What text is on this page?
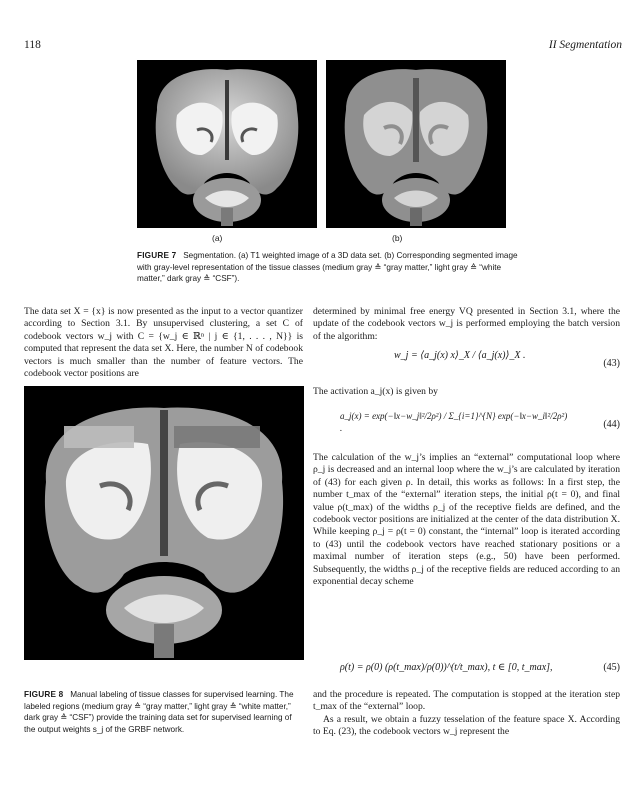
118	II Segmentation
(a)	(b)
FIGURE 7 Segmentation. (a) T1 weighted image of a 3D data set. (b) Corresponding segmented image with gray-level representation of the tissue classes (medium gray ≙ “gray matter,” light gray ≙ “white matter,” dark gray ≙ “CSF”).

The data set X = {x} is now presented as the input to a vector quantizer according to Section 3.1. By unsupervised clustering, a set C of codebook vectors w_j with C = {w_j ∈ ℝⁿ | j ∈ {1, . . . , N}} is computed that represent the data set X. Here, the number N of codebook vectors is much smaller than the number of feature vectors. The codebook vector positions are

FIGURE 8 Manual labeling of tissue classes for supervised learning. The labeled regions (medium gray ≙ “gray matter,” light gray ≙ “white matter,” dark gray ≙ “CSF”) provide the training data set for supervised learning of the output weights s_j of the GRBF network.

determined by minimal free energy VQ presented in Section 3.1, where the update of the codebook vectors w_j is performed employing the batch version of the algorithm:

w_j = ⟨a_j(x) x⟩_X / ⟨a_j(x)⟩_X .
(43)

The activation a_j(x) is given by

a_j(x) = exp(−‖x−w_j‖²/2ρ²) / Σ_{i=1}^{N} exp(−‖x−w_i‖²/2ρ²) .	(44)

The calculation of the w_j’s implies an “external” computational loop where ρ_j is decreased and an internal loop where the w_j’s are calculated by iteration of (43) for each given ρ. In detail, this works as follows: In a first step, the number t_max of the “external” iteration steps, the initial ρ(t = 0), and final value ρ(t_max) of the widths ρ_j of the receptive fields are defined, and the codebook vector positions are initialized at the center of the data distribution X. While keeping ρ_j = ρ(t = 0) constant, the “internal” loop is iterated according to (43) until the codebook vectors have reached stationary positions or a maximal number of iteration steps (e.g., 50) have been performed. Subsequently, the widths ρ_j of the receptive fields are reduced according to an exponential decay scheme

ρ(t) = ρ(0) (ρ(t_max)/ρ(0))^(t/t_max), t ∈ [0, t_max],	(45)

and the procedure is repeated. The computation is stopped at the iteration step t_max of the “external” loop.

As a result, we obtain a fuzzy tesselation of the feature space X. According to Eq. (23), the codebook vectors w_j represent the
